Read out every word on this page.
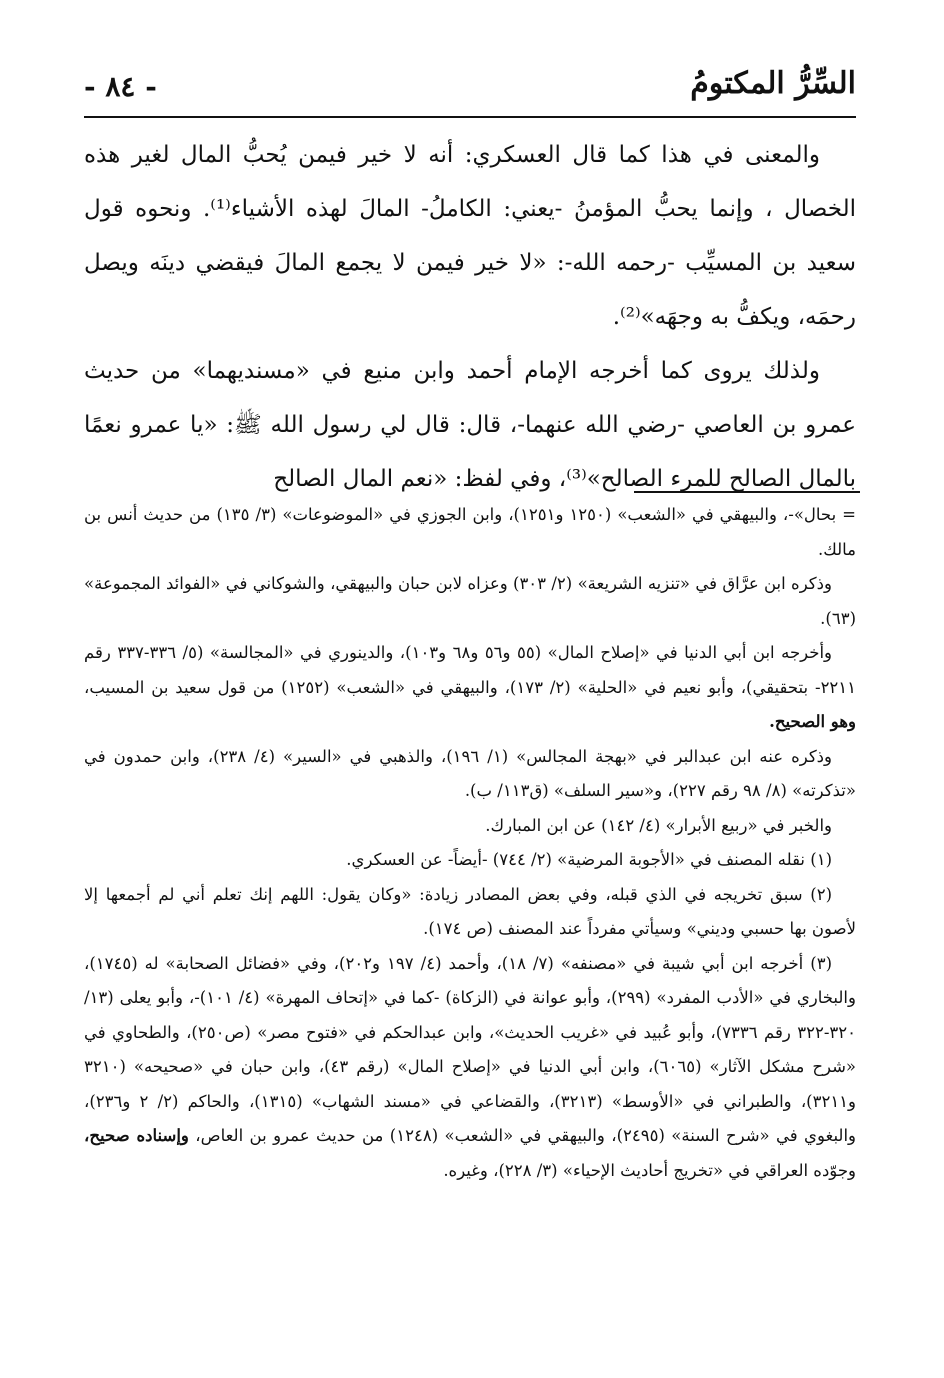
السِّرُّ المكتومُ
- ٨٤ -

والمعنى في هذا كما قال العسكري: أنه لا خير فيمن يُحبُّ المال لغير هذه الخصال ، وإنما يحبُّ المؤمنُ -يعني: الكاملُ- المالَ لهذه الأشياء⁽¹⁾. ونحوه قول سعيد بن المسيِّب -رحمه الله-: «لا خير فيمن لا يجمع المالَ فيقضي دينَه ويصل رحمَه، ويكفُّ به وجهَه»⁽²⁾.

ولذلك يروى كما أخرجه الإمام أحمد وابن منيع في «مسنديهما» من حديث عمرو بن العاصي -رضي الله عنهما-، قال: قال لي رسول الله ﷺ: «يا عمرو نعمًا بالمال الصالح للمرء الصالح»⁽³⁾، وفي لفظ: «نعم المال الصالح

= بحال»-، والبيهقي في «الشعب» (١٢٥٠ و١٢٥١)، وابن الجوزي في «الموضوعات» (٣/ ١٣٥) من حديث أنس بن مالك.

وذكره ابن عرَّاق في «تنزيه الشريعة» (٢/ ٣٠٣) وعزاه لابن حبان والبيهقي، والشوكاني في «الفوائد المجموعة» (٦٣).

وأخرجه ابن أبي الدنيا في «إصلاح المال» (٥٥ و٥٦ و٦٨ و١٠٣)، والدينوري في «المجالسة» (٥/ ٣٣٦-٣٣٧ رقم ٢٢١١- بتحقيقي)، وأبو نعيم في «الحلية» (٢/ ١٧٣)، والبيهقي في «الشعب» (١٢٥٢) من قول سعيد بن المسيب، وهو الصحيح.

وذكره عنه ابن عبدالبر في «بهجة المجالس» (١/ ١٩٦)، والذهبي في «السير» (٤/ ٢٣٨)، وابن حمدون في «تذكرته» (٨/ ٩٨ رقم ٢٢٧)، و«سير السلف» (ق١١٣/ ب).

والخبر في «ربيع الأبرار» (٤/ ١٤٢) عن ابن المبارك.

(١) نقله المصنف في «الأجوبة المرضية» (٢/ ٧٤٤) -أيضاً- عن العسكري.

(٢) سبق تخريجه في الذي قبله، وفي بعض المصادر زيادة: «وكان يقول: اللهم إنك تعلم أني لم أجمعها إلا لأصون بها حسبي وديني» وسيأتي مفرداً عند المصنف (ص ١٧٤).

(٣) أخرجه ابن أبي شيبة في «مصنفه» (٧/ ١٨)، وأحمد (٤/ ١٩٧ و٢٠٢)، وفي «فضائل الصحابة» له (١٧٤٥)، والبخاري في «الأدب المفرد» (٢٩٩)، وأبو عوانة في (الزكاة) -كما في «إتحاف المهرة» (٤/ ١٠١)-، وأبو يعلى (١٣/ ٣٢٠-٣٢٢ رقم ٧٣٣٦)، وأبو عُبيد في «غريب الحديث»، وابن عبدالحكم في «فتوح مصر» (ص٢٥٠)، والطحاوي في «شرح مشكل الآثار» (٦٠٦٥)، وابن أبي الدنيا في «إصلاح المال» (رقم ٤٣)، وابن حبان في «صحيحه» (٣٢١٠ و٣٢١١)، والطبراني في «الأوسط» (٣٢١٣)، والقضاعي في «مسند الشهاب» (١٣١٥)، والحاكم (٢/ ٢ و٢٣٦)، والبغوي في «شرح السنة» (٢٤٩٥)، والبيهقي في «الشعب» (١٢٤٨) من حديث عمرو بن العاص، وإسناده صحيح، وجوّده العراقي في «تخريج أحاديث الإحياء» (٣/ ٢٢٨)، وغيره.
